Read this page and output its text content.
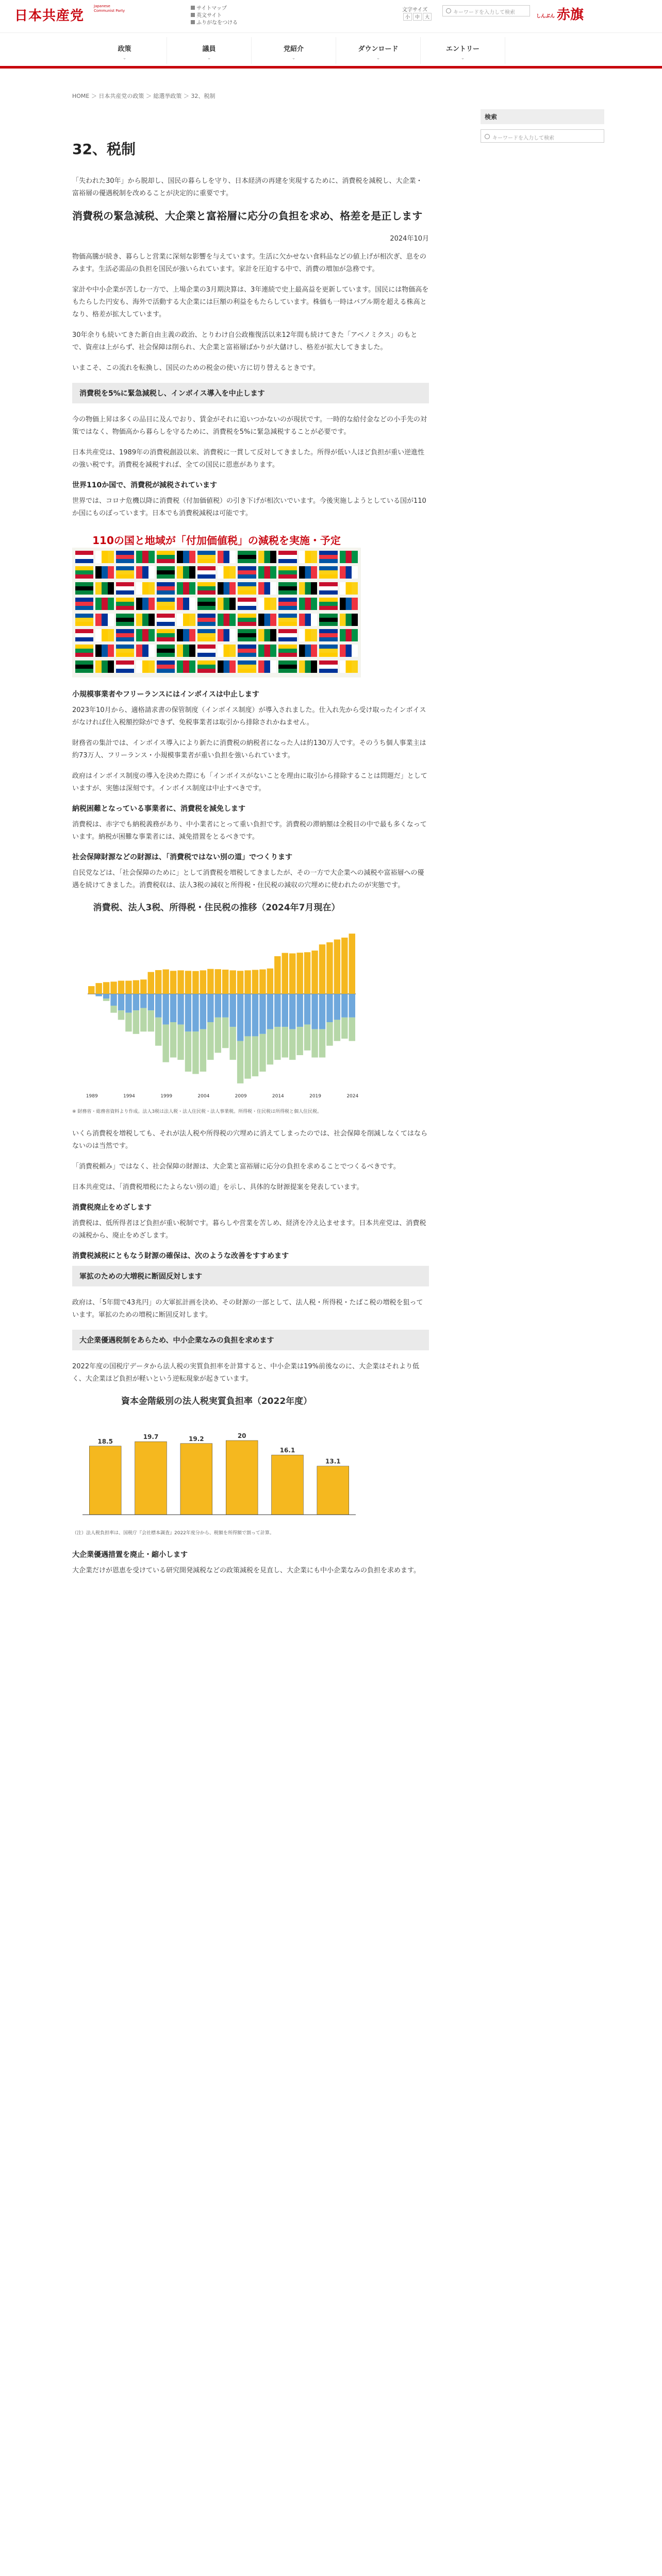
日本共産党
Japanese Communist Party	サイトマップ
英文サイト
ふりがなをつける
文字サイズ
小 中 大
キーワードを入力して検索
しんぶん 赤旗
政策
⌄
議員
⌄
党紹介
⌄
ダウンロード
⌄
エントリー
⌄
HOME ＞ 日本共産党の政策 ＞ 総選挙政策 ＞ 32、税制
32、税制

「失われた30年」から脱却し、国民の暮らしを守り、日本経済の再建を実現するために、消費税を減税し、大企業・富裕層の優遇税制を改めることが決定的に重要です。

消費税の緊急減税、大企業と富裕層に応分の負担を求め、格差を是正します
2024年10月

物価高騰が続き、暮らしと営業に深刻な影響を与えています。生活に欠かせない食料品などの値上げが相次ぎ、息をのみます。生活必需品の負担を国民が強いられています。家計を圧迫する中で、消費の増加が急務です。

家計や中小企業が苦しむ一方で、上場企業の3月期決算は、3年連続で史上最高益を更新しています。国民には物価高をもたらした円安も、海外で活動する大企業には巨額の利益をもたらしています。株価も一時はバブル期を超える株高となり、格差が拡大しています。

30年余りも続いてきた新自由主義の政治、とりわけ自公政権復活以来12年間も続けてきた「アベノミクス」のもとで、資産は上がらず、社会保障は削られ、大企業と富裕層ばかりが大儲けし、格差が拡大してきました。

いまこそ、この流れを転換し、国民のための税金の使い方に切り替えるときです。

消費税を5%に緊急減税し、インボイス導入を中止します

今の物価上昇は多くの品目に及んでおり、賃金がそれに追いつかないのが現状です。一時的な給付金などの小手先の対策ではなく、物価高から暮らしを守るために、消費税を5%に緊急減税することが必要です。

日本共産党は、1989年の消費税創設以来、消費税に一貫して反対してきました。所得が低い人ほど負担が重い逆進性の強い税です。消費税を減税すれば、全ての国民に恩恵があります。

世界110か国で、消費税が減税されています

世界では、コロナ危機以降に消費税（付加価値税）の引き下げが相次いでいます。今後実施しようとしている国が110か国にものぼっています。日本でも消費税減税は可能です。

110の国と地域が「付加価値税」の減税を実施・予定
小規模事業者やフリーランスにはインボイスは中止します

2023年10月から、適格請求書の保管制度（インボイス制度）が導入されました。仕入れ先から受け取ったインボイスがなければ仕入税額控除ができず、免税事業者は取引から排除されかねません。

財務省の集計では、インボイス導入により新たに消費税の納税者になった人は約130万人です。そのうち個人事業主は約73万人、フリーランス・小規模事業者が重い負担を強いられています。

政府はインボイス制度の導入を決めた際にも「インボイスがないことを理由に取引から排除することは問題だ」としていますが、実態は深刻です。インボイス制度は中止すべきです。

納税困難となっている事業者に、消費税を減免します

消費税は、赤字でも納税義務があり、中小業者にとって重い負担です。消費税の滞納額は全税目の中で最も多くなっています。納税が困難な事業者には、減免措置をとるべきです。

社会保障財源などの財源は、「消費税ではない別の道」でつくります

自民党などは、「社会保障のために」として消費税を増税してきましたが、その一方で大企業への減税や富裕層への優遇を続けてきました。消費税収は、法人3税の減収と所得税・住民税の減収の穴埋めに使われたのが実態です。

消費税、法人3税、所得税・住民税の推移（2024年7月現在）
1989	1994	1999	2004	2009	2014	2019	2024
※ 財務省・総務省資料より作成。法人3税は法人税・法人住民税・法人事業税。所得税・住民税は所得税と個人住民税。

いくら消費税を増税しても、それが法人税や所得税の穴埋めに消えてしまったのでは、社会保障を削減しなくてはならないのは当然です。

「消費税頼み」ではなく、社会保障の財源は、大企業と富裕層に応分の負担を求めることでつくるべきです。

日本共産党は、「消費税増税にたよらない別の道」を示し、具体的な財源提案を発表しています。

消費税廃止をめざします

消費税は、低所得者ほど負担が重い税制です。暮らしや営業を苦しめ、経済を冷え込ませます。日本共産党は、消費税の減税から、廃止をめざします。

消費税減税にともなう財源の確保は、次のような改善をすすめます
軍拡のための大増税に断固反対します

政府は、「5年間で43兆円」の大軍拡計画を決め、その財源の一部として、法人税・所得税・たばこ税の増税を狙っています。軍拡のための増税に断固反対します。

大企業優遇税制をあらため、中小企業なみの負担を求めます

2022年度の国税庁データから法人税の実質負担率を計算すると、中小企業は19%前後なのに、大企業はそれより低く、大企業ほど負担が軽いという逆転現象が起きています。

資本金階級別の法人税実質負担率（2022年度）
18.5
19.7	19.2	20
16.1
13.1
（注）法人税負担率は、国税庁『会社標本調査』2022年度分から、税額を所得額で割って計算。
大企業優遇措置を廃止・縮小します

大企業だけが恩恵を受けている研究開発減税などの政策減税を見直し、大企業にも中小企業なみの負担を求めます。

検索
キーワードを入力して検索
